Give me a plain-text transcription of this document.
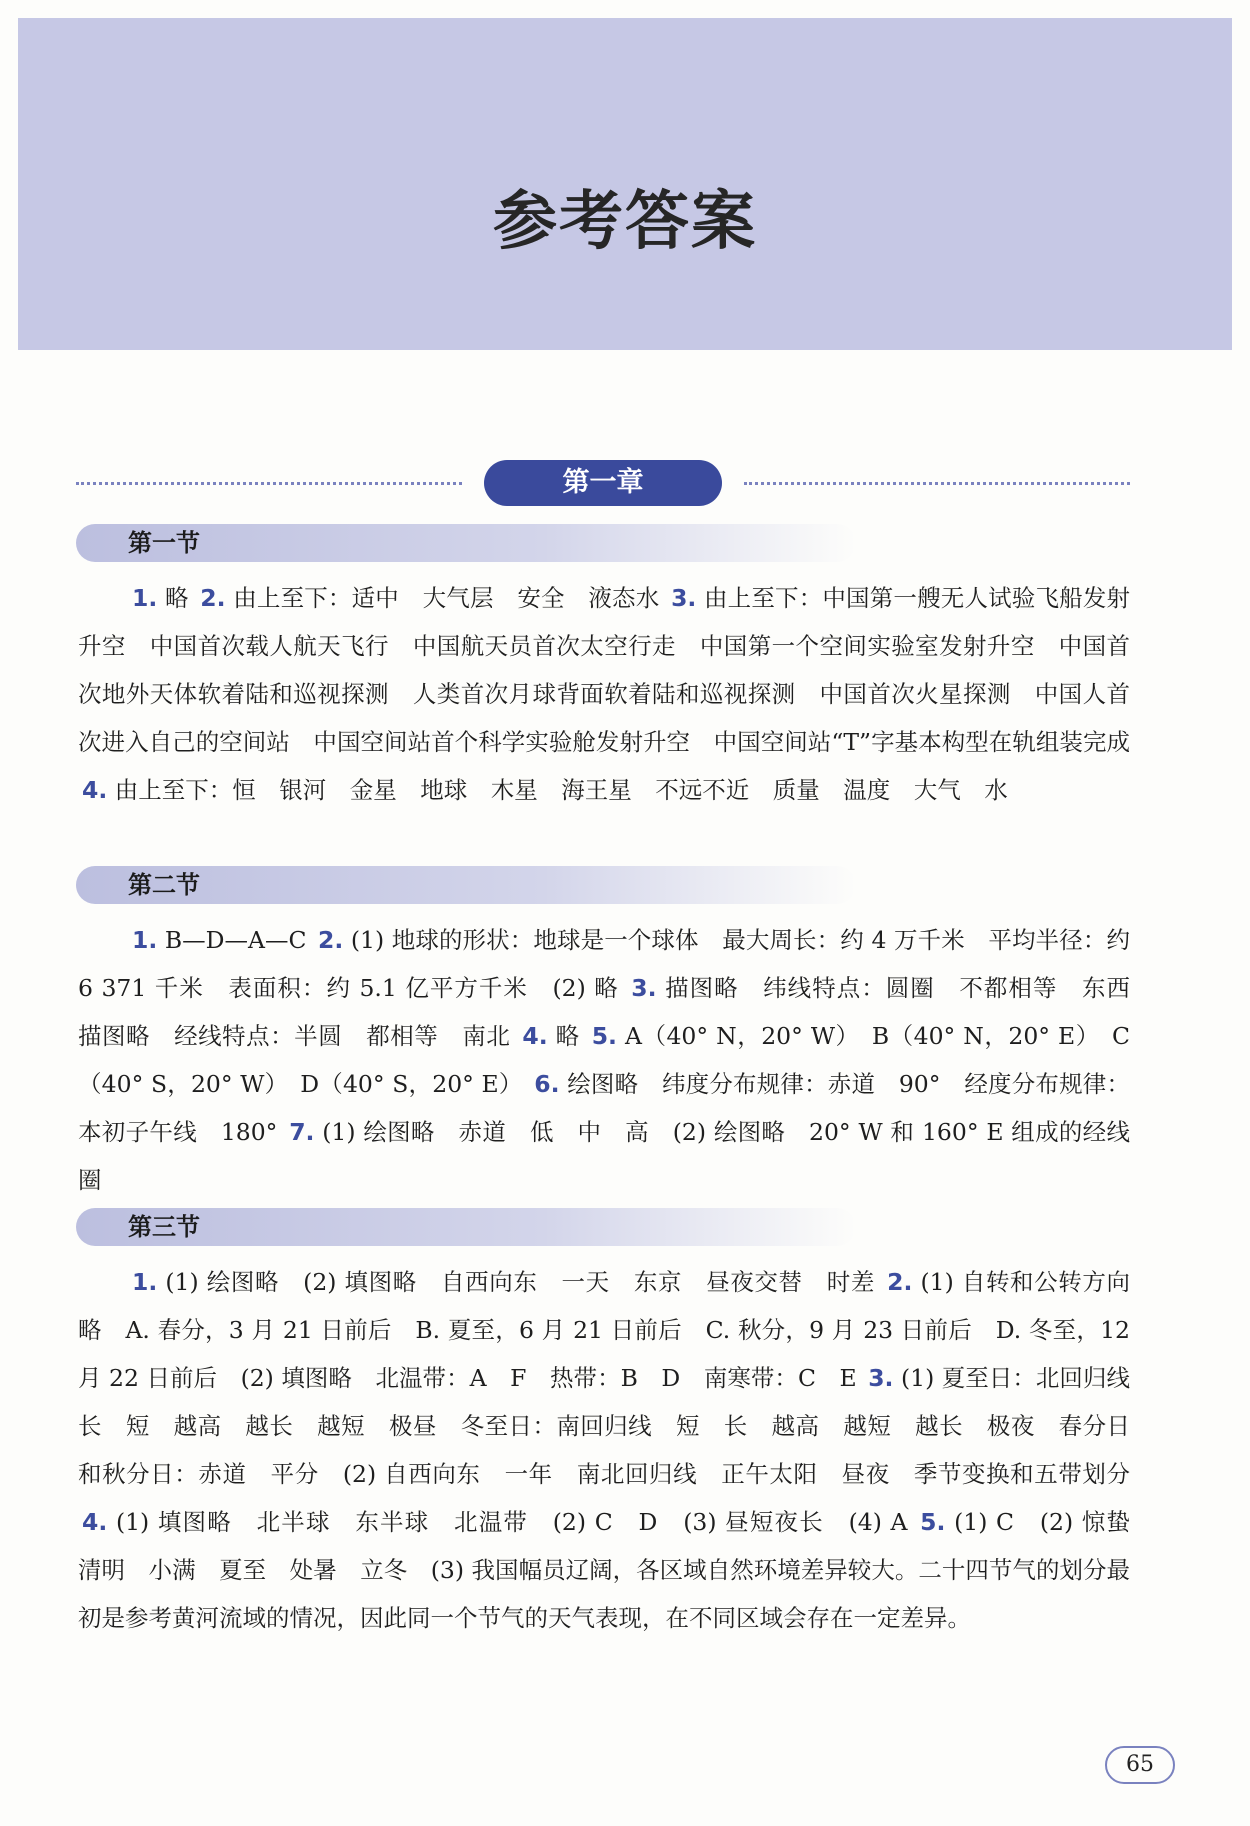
参考答案
第一章
第一节

1. 略 2. 由上至下：适中　大气层　安全　液态水 3. 由上至下：中国第一艘无人试验飞船发射升空　中国首次载人航天飞行　中国航天员首次太空行走　中国第一个空间实验室发射升空　中国首次地外天体软着陆和巡视探测　人类首次月球背面软着陆和巡视探测　中国首次火星探测　中国人首次进入自己的空间站　中国空间站首个科学实验舱发射升空　中国空间站“T”字基本构型在轨组装完成 4. 由上至下：恒　银河　金星　地球　木星　海王星　不远不近　质量　温度　大气　水

第二节

1. B—D—A—C 2. (1) 地球的形状：地球是一个球体　最大周长：约 4 万千米　平均半径：约 6 371 千米　表面积：约 5.1 亿平方千米　(2) 略 3. 描图略　纬线特点：圆圈　不都相等　东西　描图略　经线特点：半圆　都相等　南北 4. 略 5. A（40° N，20° W）　B（40° N，20° E）　C（40° S，20° W）　D（40° S，20° E） 6. 绘图略　纬度分布规律：赤道　90°　经度分布规律：本初子午线　180° 7. (1) 绘图略　赤道　低　中　高　(2) 绘图略　20° W 和 160° E 组成的经线圈

第三节

1. (1) 绘图略　(2) 填图略　自西向东　一天　东京　昼夜交替　时差 2. (1) 自转和公转方向略　A. 春分，3 月 21 日前后　B. 夏至，6 月 21 日前后　C. 秋分，9 月 23 日前后　D. 冬至，12 月 22 日前后　(2) 填图略　北温带：A　F　热带：B　D　南寒带：C　E 3. (1) 夏至日：北回归线　长　短　越高　越长　越短　极昼　冬至日：南回归线　短　长　越高　越短　越长　极夜　春分日和秋分日：赤道　平分　(2) 自西向东　一年　南北回归线　正午太阳　昼夜　季节变换和五带划分 4. (1) 填图略　北半球　东半球　北温带　(2) C　D　(3) 昼短夜长　(4) A 5. (1) C　(2) 惊蛰　清明　小满　夏至　处暑　立冬　(3) 我国幅员辽阔，各区域自然环境差异较大。二十四节气的划分最初是参考黄河流域的情况，因此同一个节气的天气表现，在不同区域会存在一定差异。

65
